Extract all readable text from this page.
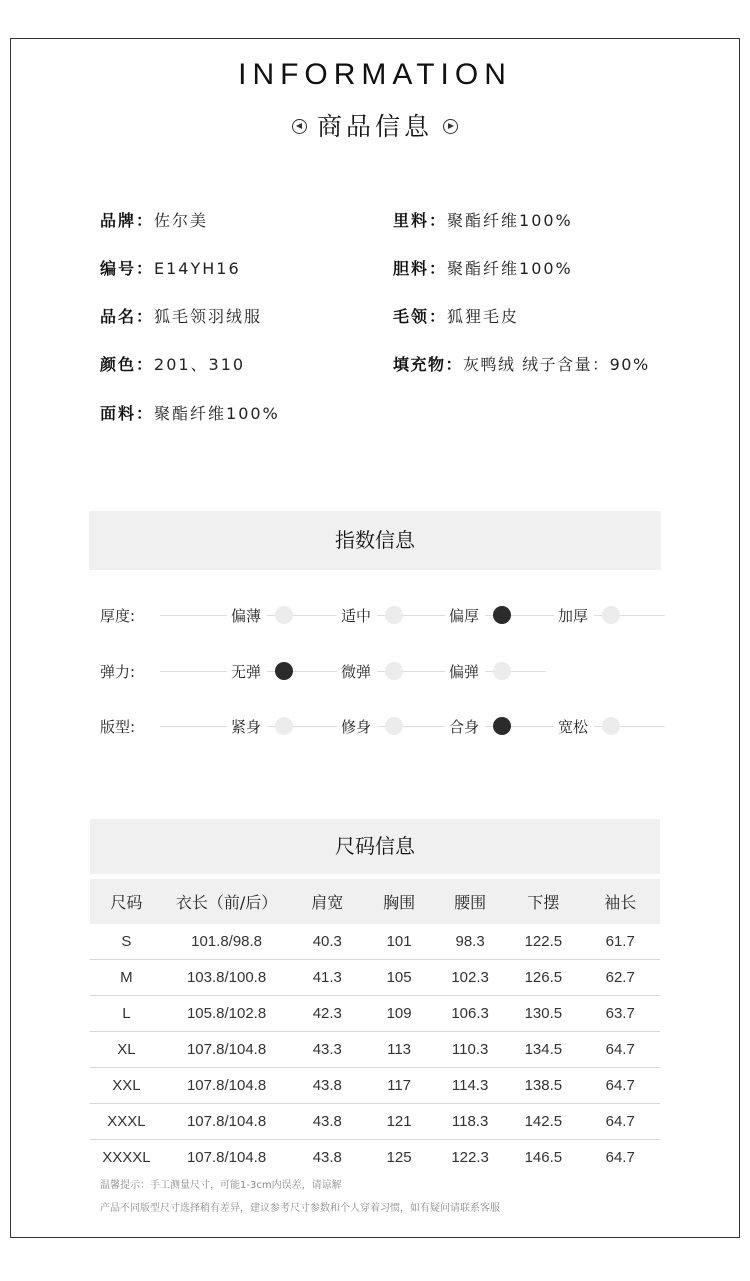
INFORMATION
商品信息
品牌：佐尔美
编号：E14YH16
品名：狐毛领羽绒服
颜色：201、310
面料：聚酯纤维100%
里料：聚酯纤维100%
胆料：聚酯纤维100%
毛领：狐狸毛皮
填充物：灰鸭绒 绒子含量：90%
指数信息
厚度:	偏薄	适中	偏厚	加厚
弹力:	无弹	微弹	偏弹
版型:	紧身	修身	合身	宽松
尺码信息
尺码	衣长（前/后）	肩宽	胸围	腰围	下摆	袖长
S	101.8/98.8	40.3	101	98.3	122.5	61.7
M	103.8/100.8	41.3	105	102.3	126.5	62.7
L	105.8/102.8	42.3	109	106.3	130.5	63.7
XL	107.8/104.8	43.3	113	110.3	134.5	64.7
XXL	107.8/104.8	43.8	117	114.3	138.5	64.7
XXXL	107.8/104.8	43.8	121	118.3	142.5	64.7
XXXXL	107.8/104.8	43.8	125	122.3	146.5	64.7
温馨提示：手工测量尺寸，可能1-3cm内误差，请谅解
产品不同版型尺寸选择稍有差异，建议参考尺寸参数和个人穿着习惯，如有疑问请联系客服
